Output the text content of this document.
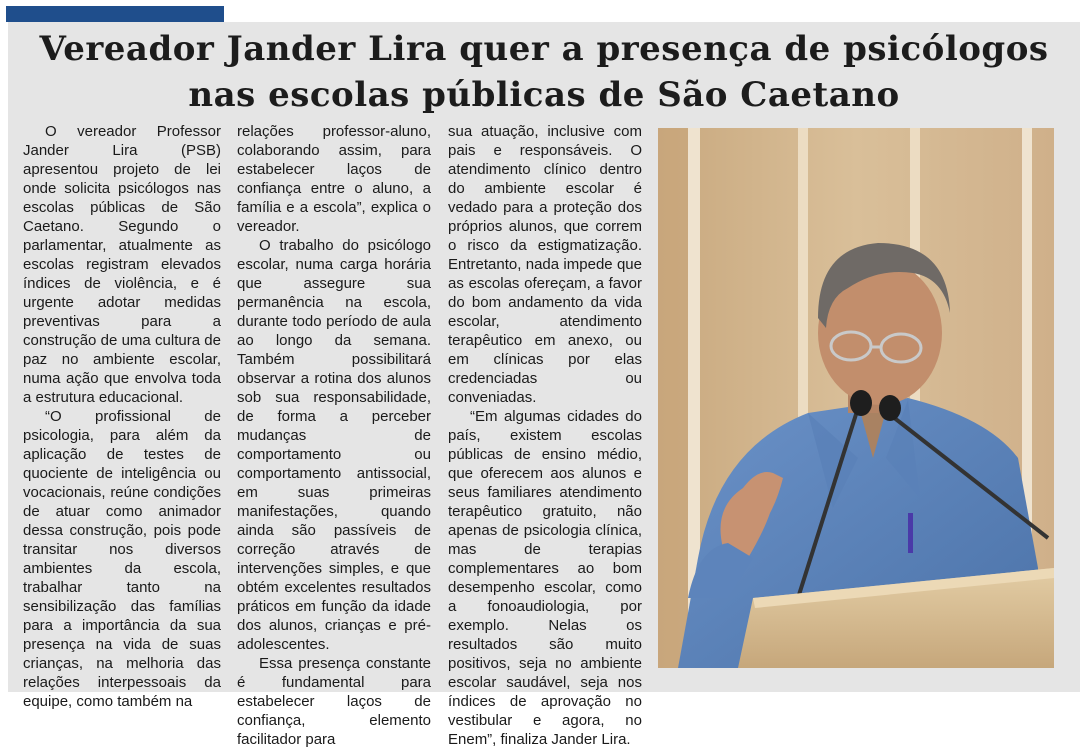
Vereador Jander Lira quer a presença de psicólogos
nas escolas públicas de São Caetano

O vereador Professor Jander Lira (PSB) apresentou projeto de lei onde solicita psicólogos nas escolas públicas de São Caetano. Segundo o parlamentar, atualmente as escolas registram elevados índices de violência, e é urgente adotar medidas preventivas para a construção de uma cultura de paz no ambiente escolar, numa ação que envolva toda a estrutura educacional.

“O profissional de psicologia, para além da aplicação de testes de quociente de inteligência ou vocacionais, reúne condições de atuar como animador dessa construção, pois pode transitar nos diversos ambientes da escola, trabalhar tanto na sensibilização das famílias para a importância da sua presença na vida de suas crianças, na melhoria das relações interpessoais da equipe, como também na

relações professor-aluno, colaborando assim, para estabelecer laços de confiança entre o aluno, a família e a escola”, explica o vereador.

O trabalho do psicólogo escolar, numa carga horária que assegure sua permanência na escola, durante todo período de aula ao longo da semana. Também possibilitará observar a rotina dos alunos sob sua responsabilidade, de forma a perceber mudanças de comportamento ou comportamento antissocial, em suas primeiras manifestações, quando ainda são passíveis de correção através de intervenções simples, e que obtém excelentes resultados práticos em função da idade dos alunos, crianças e pré-adolescentes.

Essa presença constante é fundamental para estabelecer laços de confiança, elemento facilitador para

sua atuação, inclusive com pais e responsáveis. O atendimento clínico dentro do ambiente escolar é vedado para a proteção dos próprios alunos, que correm o risco da estigmatização. Entretanto, nada impede que as escolas ofereçam, a favor do bom andamento da vida escolar, atendimento terapêutico em anexo, ou em clínicas por elas credenciadas ou conveniadas.

“Em algumas cidades do país, existem escolas públicas de ensino médio, que oferecem aos alunos e seus familiares atendimento terapêutico gratuito, não apenas de psicologia clínica, mas de terapias complementares ao bom desempenho escolar, como a fonoaudiologia, por exemplo. Nelas os resultados são muito positivos, seja no ambiente escolar saudável, seja nos índices de aprovação no vestibular e agora, no Enem”, finaliza Jander Lira.
